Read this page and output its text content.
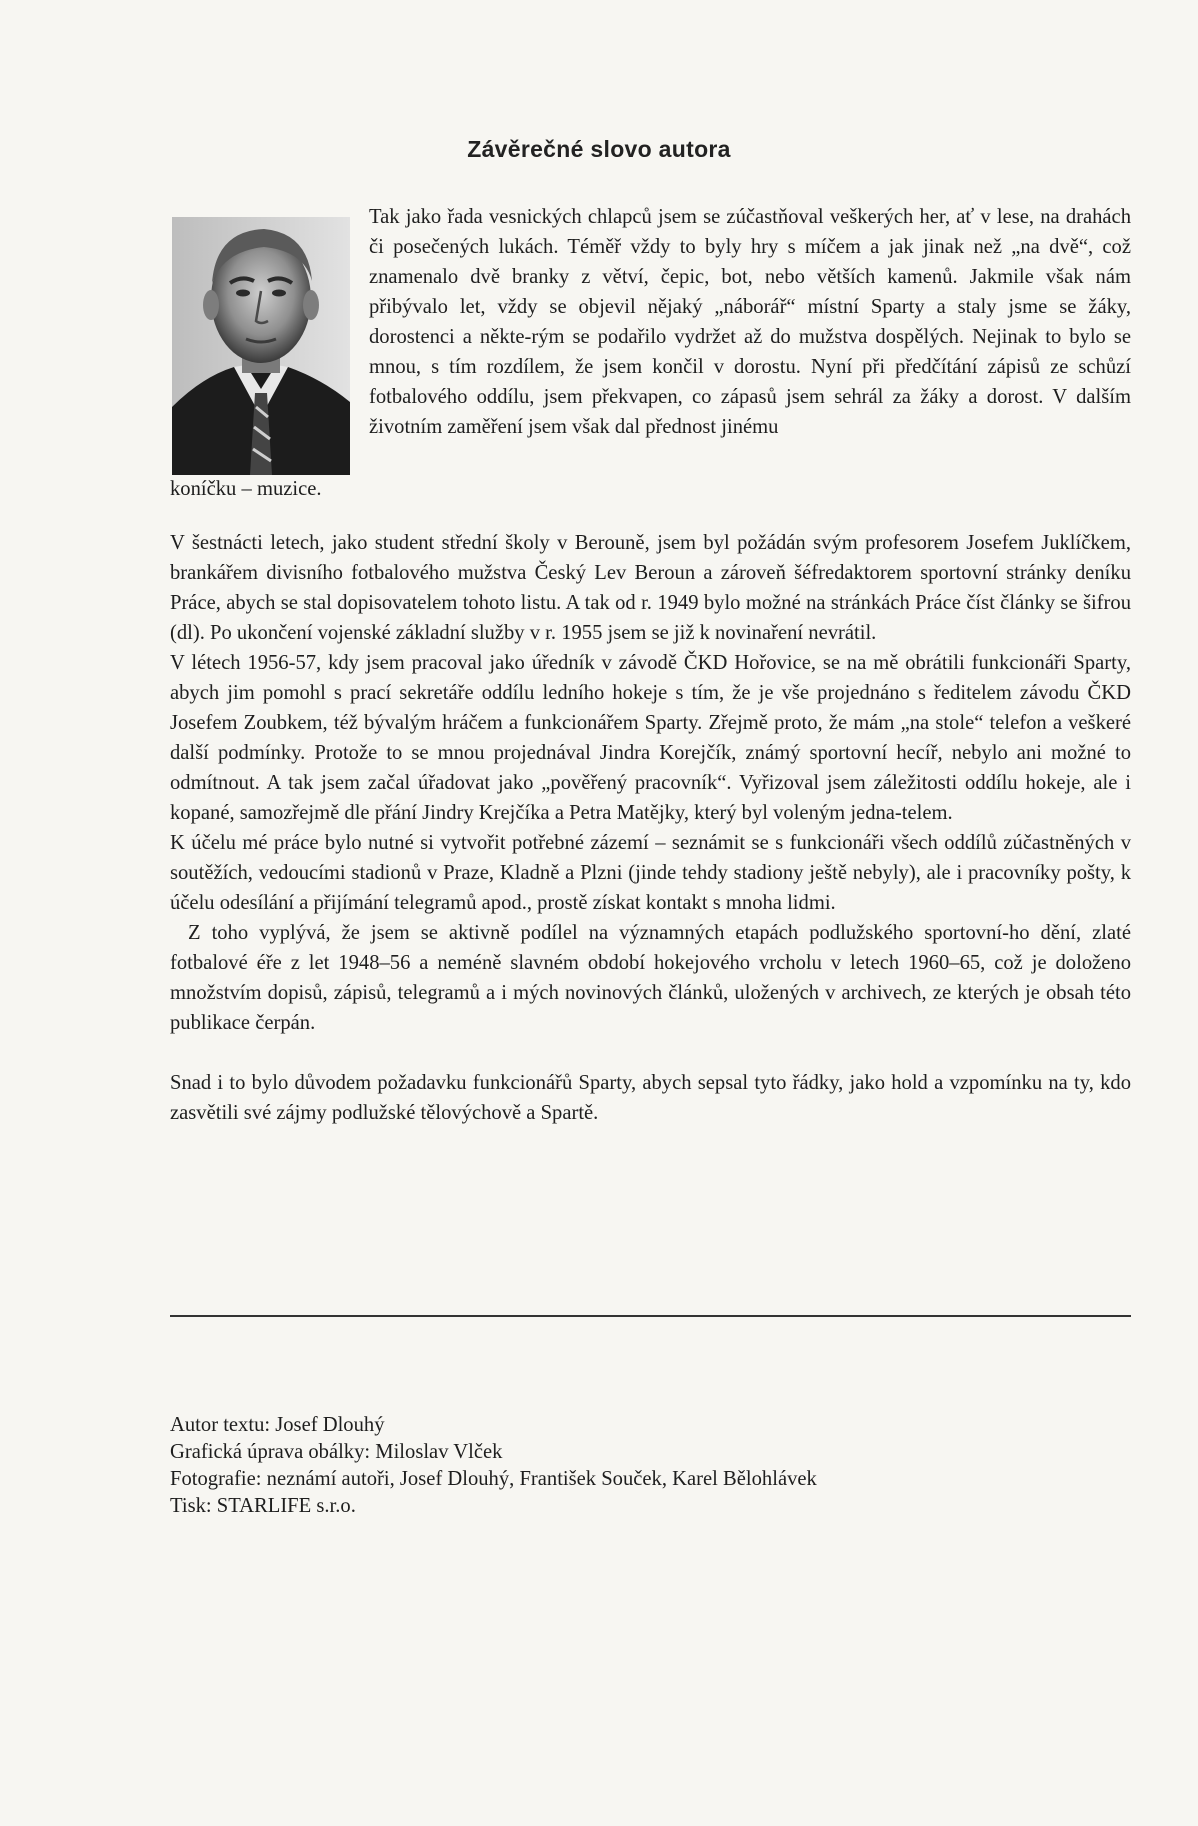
Závěrečné slovo autora

Tak jako řada vesnických chlapců jsem se zúčastňoval veškerých her, ať v lese, na drahách či posečených lukách. Téměř vždy to byly hry s míčem a jak jinak než „na dvě“, což znamenalo dvě branky z větví, čepic, bot, nebo větších kamenů. Jakmile však nám přibývalo let, vždy se objevil nějaký „náborář“ místní Sparty a staly jsme se žáky, dorostenci a někte-rým se podařilo vydržet až do mužstva dospělých. Nejinak to bylo se mnou, s tím rozdílem, že jsem končil v dorostu. Nyní při předčítání zápisů ze schůzí fotbalového oddílu, jsem překvapen, co zápasů jsem sehrál za žáky a dorost. V dalším životním zaměření jsem však dal přednost jinému

koníčku – muzice.

V šestnácti letech, jako student střední školy v Berouně, jsem byl požádán svým profesorem Josefem Juklíčkem, brankářem divisního fotbalového mužstva Český Lev Beroun a zároveň šéfredaktorem sportovní stránky deníku Práce, abych se stal dopisovatelem tohoto listu. A tak od r. 1949 bylo možné na stránkách Práce číst články se šifrou (dl). Po ukončení vojenské základní služby v r. 1955 jsem se již k novinaření nevrátil.

V létech 1956-57, kdy jsem pracoval jako úředník v závodě ČKD Hořovice, se na mě obrátili funkcionáři Sparty, abych jim pomohl s prací sekretáře oddílu ledního hokeje s tím, že je vše projednáno s ředitelem závodu ČKD Josefem Zoubkem, též bývalým hráčem a funkcionářem Sparty. Zřejmě proto, že mám „na stole“ telefon a veškeré další podmínky. Protože to se mnou projednával Jindra Korejčík, známý sportovní hecíř, nebylo ani možné to odmítnout. A tak jsem začal úřadovat jako „pověřený pracovník“. Vyřizoval jsem záležitosti oddílu hokeje, ale i kopané, samozřejmě dle přání Jindry Krejčíka a Petra Matějky, který byl voleným jedna-telem.

K účelu mé práce bylo nutné si vytvořit potřebné zázemí – seznámit se s funkcionáři všech oddílů zúčastněných v soutěžích, vedoucími stadionů v Praze, Kladně a Plzni (jinde tehdy stadiony ještě nebyly), ale i pracovníky pošty, k účelu odesílání a přijímání telegramů apod., prostě získat kontakt s mnoha lidmi.

Z toho vyplývá, že jsem se aktivně podílel na významných etapách podlužského sportovní-ho dění, zlaté fotbalové éře z let 1948–56 a neméně slavném období hokejového vrcholu v letech 1960–65, což je doloženo množstvím dopisů, zápisů, telegramů a i mých novinových článků, uložených v archivech, ze kterých je obsah této publikace čerpán.

Snad i to bylo důvodem požadavku funkcionářů Sparty, abych sepsal tyto řádky, jako hold a vzpomínku na ty, kdo zasvětili své zájmy podlužské tělovýchově a Spartě.

Autor textu: Josef Dlouhý
Grafická úprava obálky: Miloslav Vlček
Fotografie: neznámí autoři, Josef Dlouhý, František Souček, Karel Bělohlávek
Tisk: STARLIFE s.r.o.
